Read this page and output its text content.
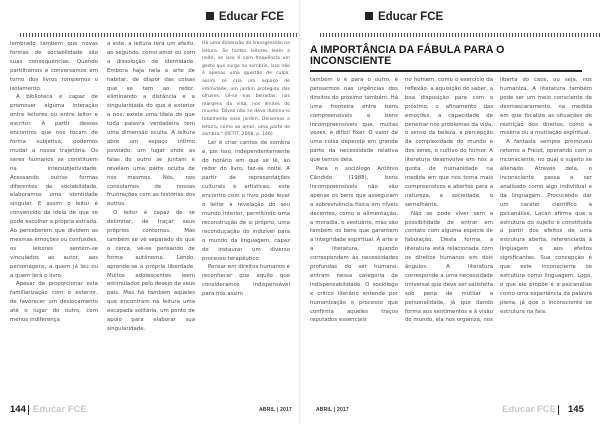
Educar FCE

lembrado também que novas formas de sociabilidade são suas consequências. Quando partilhamos e conversamos em torno dos livros rompemos o isolamento.

A biblioteca é capaz de promover alguma interação entre leitores ou entre leitor e escritor. A partir desses encontros que nos tocam de forma subjetiva, podemos mudar a nossa trajetória. Os seres humanos se constituem na intersubjetividade. Acessando outras formas diferentes de sociabilidade, elaboramos uma identidade singular. E assim o leitor é convencido da ideia de que se pode escolher a própria estrada. Ao perceberem que dividem as mesmas emoções ou confusões, os leitores sentem-se vinculados ao autor, aos personagens, a quem já leu ou a quem lerá o livro.

Apesar de proporcionar esta familiarização com o exterior, de favorecer um deslocamento até o lugar do outro, com menos indiferença

a este, a leitura terá um efeito, ao segundo, como amor ou com a dissolução de identidade. Embora haja nela a arte de habitar, de dispor das coisas que se tem ao redor, eliminando a distância e a singularidade do que é exterior a nós, existe uma ideia de que toda palavra verdadeira tem uma dimensão oculta. A leitura abre um espaço íntimo povoado, um lugar onde as falas do outro se juntam e revelam uma parte oculta de nós mesmos. Nós, nos consolamos de nossas frustrações com as histórias dos outros.

O leitor é capaz de se delimitar, de traçar seus próprios contornos. Mas também se vê separado do que o cerca, vê-se pensando de forma autônoma. Lendo, aprende-se a própria liberdade. Muitos adolescentes leem estimulados pelo desejo de seus pais. Mas há também aqueles que encontram na leitura uma escapada solitária, um ponto de apoio para elaborar sua singularidade.

Há uma dimensão de transgressão na leitura. Se tantos leitores leem à noite, se isso é com frequência um gesto que surge no sombrio, isso não é apenas uma questão de culpa: assim se cria um espaço de intimidade, um jardim protegido dos olhares. Lê-se nas beiradas, nas margens da vida, nos limites do mundo. Talvez não se deva ilumina-lo totalmente esse jardim. Deixemos a leitura, como ao amor, uma parte de sombra." (PETIT, 2008, p. 146)

Ler é criar cantos de sombra e, por isso, independentemente do horário em que se lê, ao redor do livro, faz-se noite. A partir de representações culturais e artísticas, este encontro com o livro pode levar o leitor à revelação do seu mundo interior, permitindo uma reconstrução de si próprio, uma reconduçação do indizível para o mundo da linguagem, capaz de instaurar um diverso processo terapêutico.

Pensar em direitos humanos é reconhecer que aquilo que consideramos indispensável para nós assim

144 Educar FCE	ABRIL | 2017
Educar FCE
A IMPORTÂNCIA DA FÁBULA PARA O INCONSCIENTE

também o é para o outro, é pensarmos nas urgências dos direitos do próximo também. Há uma fronteira entre bens compreensíveis e bens incompreensíveis que, muitas vezes, é difícil fixar. O valor de uma coisa depende em grande parte da necessidade relativa que temos dela.

Para o sociólogo Antônio Cândido (1988), bens incompreensíveis não são apenas os bens que asseguram a sobrevivência física em níveis decentes, como a alimentação, a moradia, o vestuário, mas são também os bens que garantem a integridade espiritual. A arte e a literatura, quando correspondem às necessidades profundas do ser humano, entram nessa categoria de indispensabilidade. O sociólogo e crítico literário entende por humanização o processo que confirma aqueles traços reputados essenciais

no homem, como o exercício da reflexão, a aquisição do saber, a boa disposição para com o próximo, o afinamento das emoções, a capacidade de penetrar nos problemas da vida, o senso da beleza, a percepção da complexidade do mundo e dos seres, o cultivo do humor. A literatura desenvolve em nós a quota de humanidade na medida em que nos torna mais compreensivos e abertos para a natureza, a sociedade, o semelhante.

Não se pode viver sem a possibilidade de entrar em contato com alguma espécie de fabulação. Desta forma, a literatura está relacionada com os direitos humanos em dois ângulos: A literatura corresponde a uma necessidade universal que deve ser satisfeita sob pena de mutilar a personalidade, já que dando forma aos sentimentos e à visão do mundo, ela nos organiza, nos

liberta do caos, ou seja, nos humaniza. A literatura também pode ser um meio consciente de desmascaramento, na medida em que focaliza as situações de restrição dos direitos, como a miséria ou a mutilação espiritual.

A fantasia sempre promoveu retorno a Freud, operando com o inconsciente, no qual o sujeito se alienado. Através dela, o inconsciente passa a ser analisado como algo individual e da linguagem. Procurando dar um caráter científico à psicanálise, Lacan afirma que a estrutura do sujeito é constituída a partir dos efeitos de uma estrutura aberta, referenciada à linguagem e aos efeitos significantes. Sua concepção é que este inconsciente se estrutura como linguagem. Logo, o que ele propõe é a psicanálise como uma experiência da palavra plena, já que o inconsciente se estrutura na fala.

ABRIL | 2017	Educar FCE 145
